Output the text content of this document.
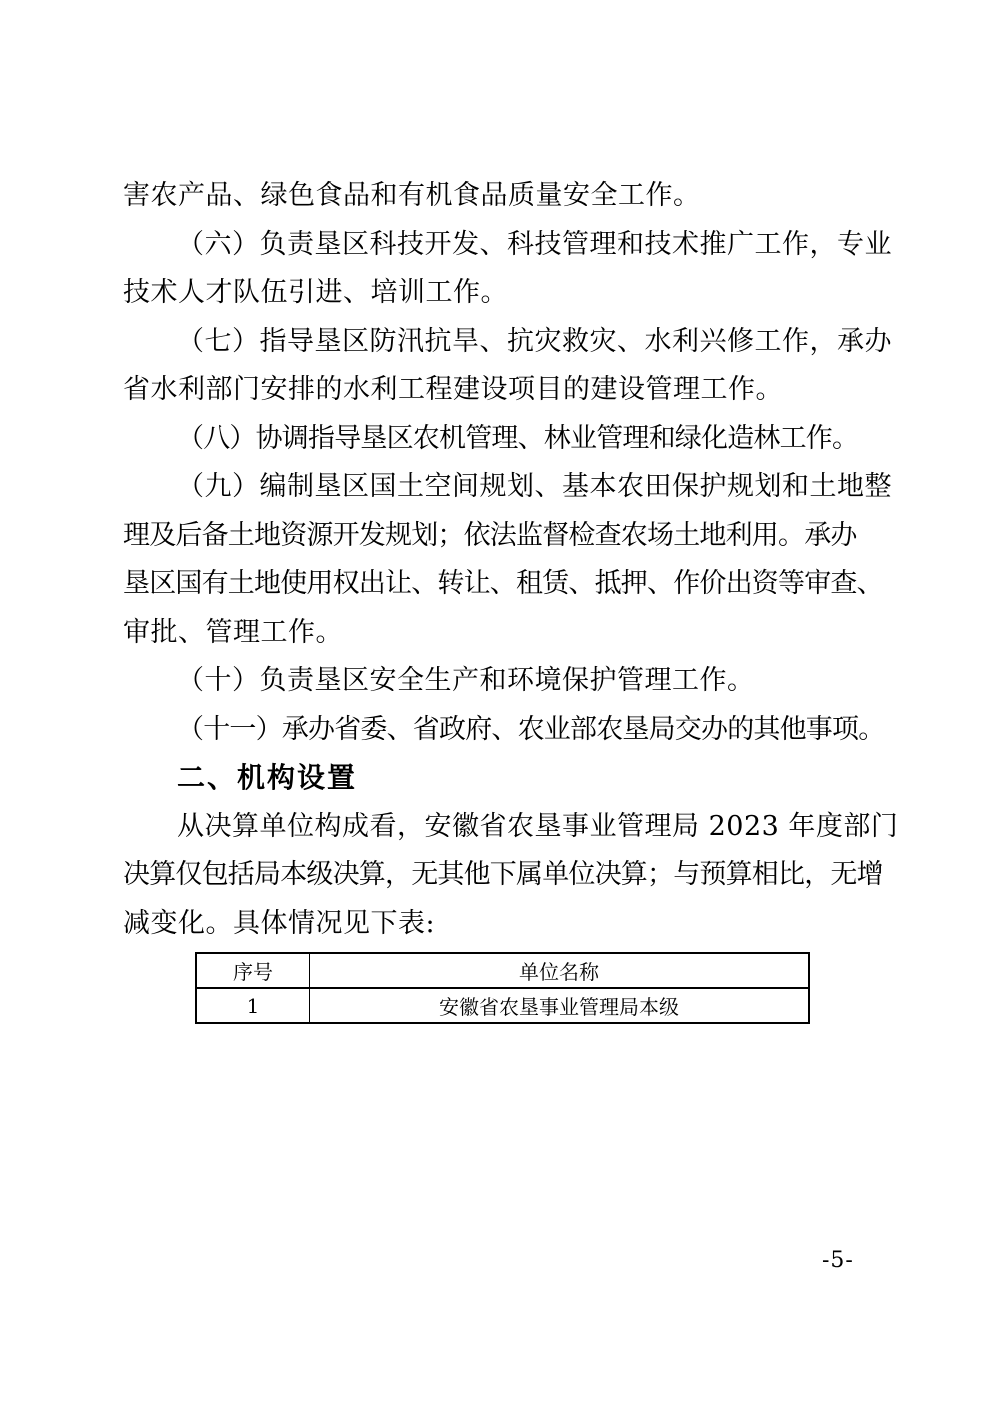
害农产品、绿色食品和有机食品质量安全工作。
（六）负责垦区科技开发、科技管理和技术推广工作，专业
技术人才队伍引进、培训工作。
（七）指导垦区防汛抗旱、抗灾救灾、水利兴修工作，承办
省水利部门安排的水利工程建设项目的建设管理工作。
（八）协调指导垦区农机管理、林业管理和绿化造林工作。
（九）编制垦区国土空间规划、基本农田保护规划和土地整
理及后备土地资源开发规划；依法监督检查农场土地利用。承办
垦区国有土地使用权出让、转让、租赁、抵押、作价出资等审查、
审批、管理工作。
（十）负责垦区安全生产和环境保护管理工作。
（十一）承办省委、省政府、农业部农垦局交办的其他事项。
二、机构设置
从决算单位构成看，安徽省农垦事业管理局 2023 年度部门
决算仅包括局本级决算，无其他下属单位决算；与预算相比，无增
减变化。具体情况见下表:
序号	单位名称
1	安徽省农垦事业管理局本级
-5-
